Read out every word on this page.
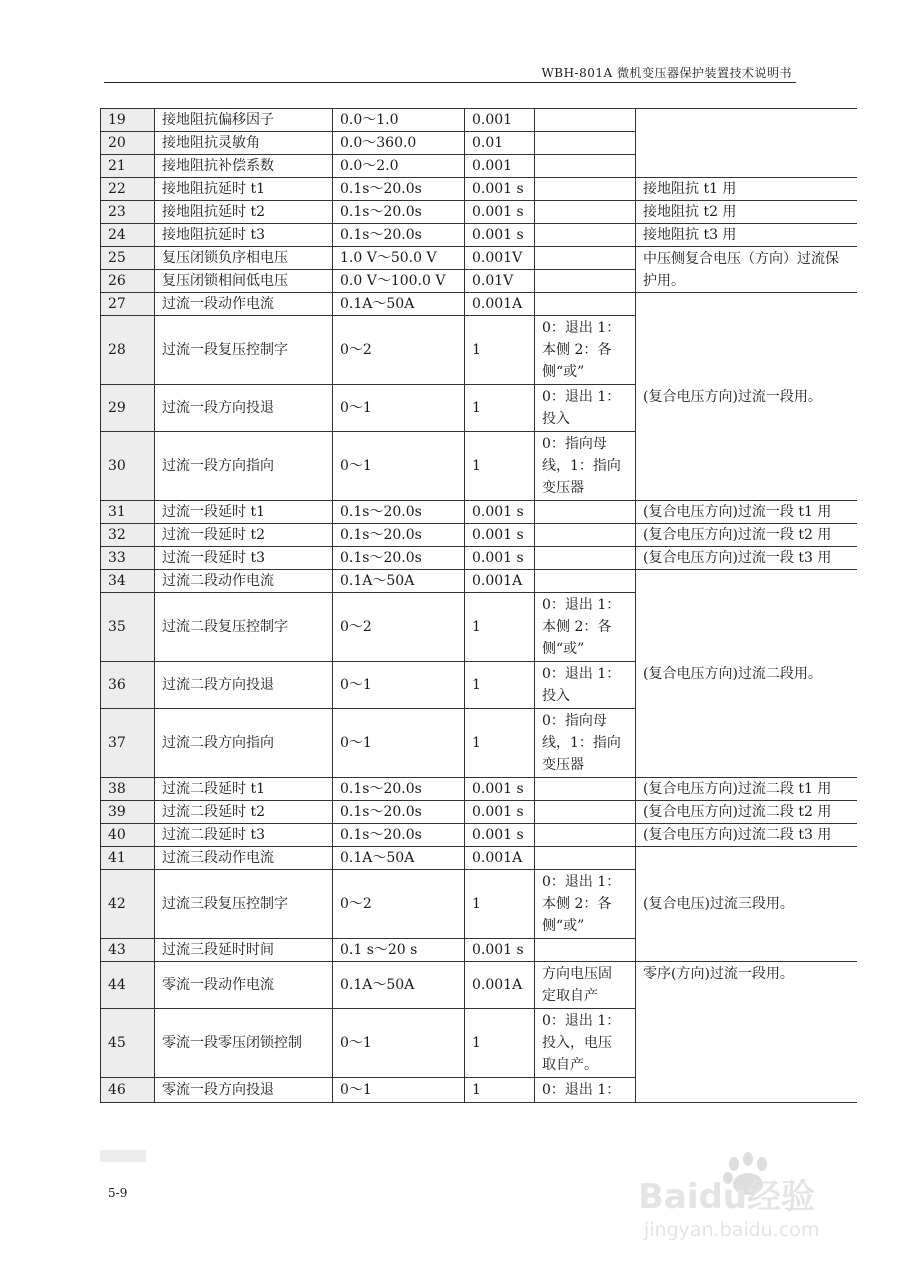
WBH-801A 微机变压器保护装置技术说明书
19	接地阻抗偏移因子	0.0～1.0	0.001		
20	接地阻抗灵敏角	0.0～360.0	0.01		
21	接地阻抗补偿系数	0.0～2.0	0.001		
22	接地阻抗延时 t1	0.1s～20.0s	0.001 s		接地阻抗 t1 用
23	接地阻抗延时 t2	0.1s～20.0s	0.001 s		接地阻抗 t2 用
24	接地阻抗延时 t3	0.1s～20.0s	0.001 s		接地阻抗 t3 用
25	复压闭锁负序相电压	1.0 V～50.0 V	0.001V		中压侧复合电压（方向）过流保护用。
26	复压闭锁相间低电压	0.0 V～100.0 V	0.01V		
27	过流一段动作电流	0.1A～50A	0.001A		(复合电压方向)过流一段用。
28	过流一段复压控制字	0～2	1	0：退出 1：
本侧 2：各
侧“或”	
29	过流一段方向投退	0～1	1	0：退出 1：
投入	
30	过流一段方向指向	0～1	1	0：指向母
线，1：指向
变压器	
31	过流一段延时 t1	0.1s～20.0s	0.001 s		(复合电压方向)过流一段 t1 用
32	过流一段延时 t2	0.1s～20.0s	0.001 s		(复合电压方向)过流一段 t2 用
33	过流一段延时 t3	0.1s～20.0s	0.001 s		(复合电压方向)过流一段 t3 用
34	过流二段动作电流	0.1A～50A	0.001A		(复合电压方向)过流二段用。
35	过流二段复压控制字	0～2	1	0：退出 1：
本侧 2：各
侧“或”	
36	过流二段方向投退	0～1	1	0：退出 1：
投入	
37	过流二段方向指向	0～1	1	0：指向母
线，1：指向
变压器	
38	过流二段延时 t1	0.1s～20.0s	0.001 s		(复合电压方向)过流二段 t1 用
39	过流二段延时 t2	0.1s～20.0s	0.001 s		(复合电压方向)过流二段 t2 用
40	过流二段延时 t3	0.1s～20.0s	0.001 s		(复合电压方向)过流二段 t3 用
41	过流三段动作电流	0.1A～50A	0.001A		(复合电压)过流三段用。
42	过流三段复压控制字	0～2	1	0：退出 1：
本侧 2：各
侧“或”	
43	过流三段延时时间	0.1 s～20 s	0.001 s		
44	零流一段动作电流	0.1A～50A	0.001A	方向电压固
定取自产	零序(方向)过流一段用。
45	零流一段零压闭锁控制	0～1	1	0：退出 1：
投入，电压
取自产。	
46	零流一段方向投退	0～1	1	0：退出 1：	
5-9	Baidu经验
jingyan.baidu.com
